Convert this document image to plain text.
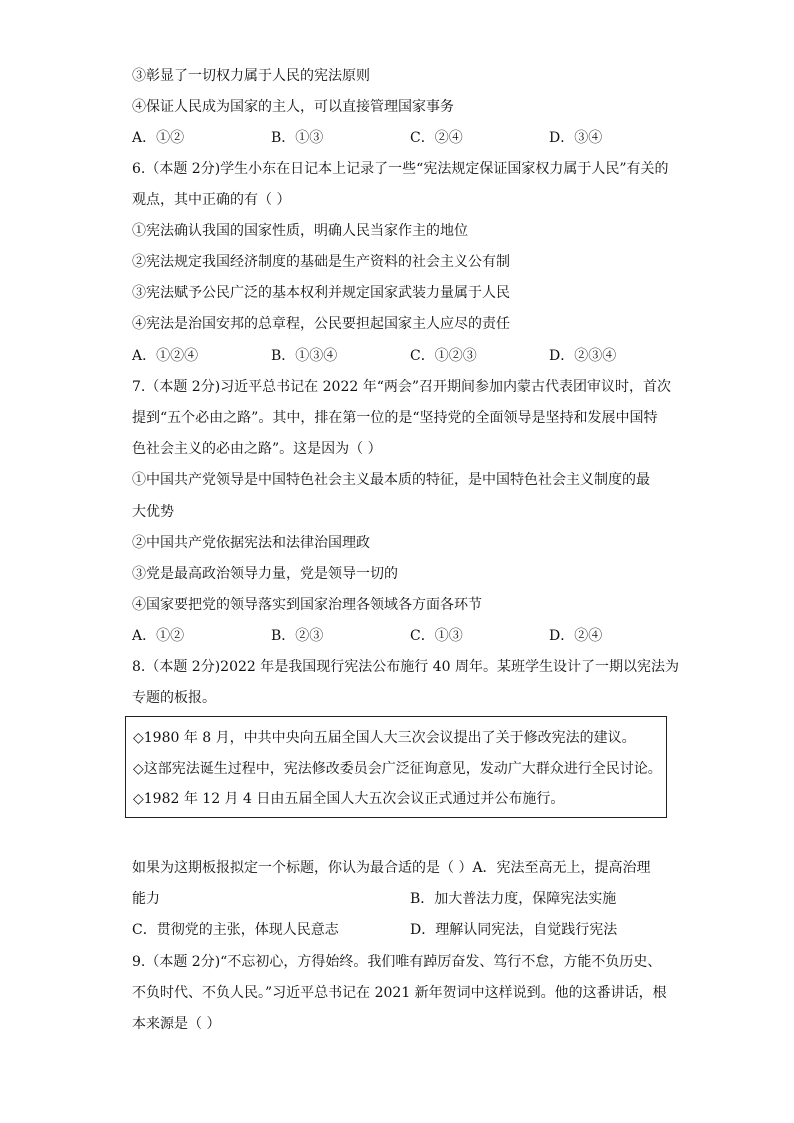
③彰显了一切权力属于人民的宪法原则
④保证人民成为国家的主人，可以直接管理国家事务
A．①②	B．①③	C．②④	D．③④
6.（本题 2分)学生小东在日记本上记录了一些“宪法规定保证国家权力属于人民”有关的
观点，其中正确的有（ ）
①宪法确认我国的国家性质，明确人民当家作主的地位
②宪法规定我国经济制度的基础是生产资料的社会主义公有制
③宪法赋予公民广泛的基本权利并规定国家武装力量属于人民
④宪法是治国安邦的总章程，公民要担起国家主人应尽的责任
A．①②④	B．①③④	C．①②③	D．②③④
7.（本题 2分)习近平总书记在 2022 年“两会”召开期间参加内蒙古代表团审议时，首次
提到“五个必由之路”。其中，排在第一位的是“坚持党的全面领导是坚持和发展中国特
色社会主义的必由之路”。这是因为（ ）
①中国共产党领导是中国特色社会主义最本质的特征，是中国特色社会主义制度的最
大优势
②中国共产党依据宪法和法律治国理政
③党是最高政治领导力量，党是领导一切的
④国家要把党的领导落实到国家治理各领域各方面各环节
A．①②	B．②③	C．①③	D．②④
8.（本题 2分)2022 年是我国现行宪法公布施行 40 周年。某班学生设计了一期以宪法为
专题的板报。
◇1980 年 8 月，中共中央向五届全国人大三次会议提出了关于修改宪法的建议。
◇这部宪法诞生过程中，宪法修改委员会广泛征询意见，发动广大群众进行全民讨论。
◇1982 年 12 月 4 日由五届全国人大五次会议正式通过并公布施行。
如果为这期板报拟定一个标题，你认为最合适的是（ ）A．宪法至高无上，提高治理
能力	B．加大普法力度，保障宪法实施
C．贯彻党的主张，体现人民意志	D．理解认同宪法，自觉践行宪法
9.（本题 2分)“不忘初心，方得始终。我们唯有踔厉奋发、笃行不怠，方能不负历史、
不负时代、不负人民。”习近平总书记在 2021 新年贺词中这样说到。他的这番讲话，根
本来源是（ ）
